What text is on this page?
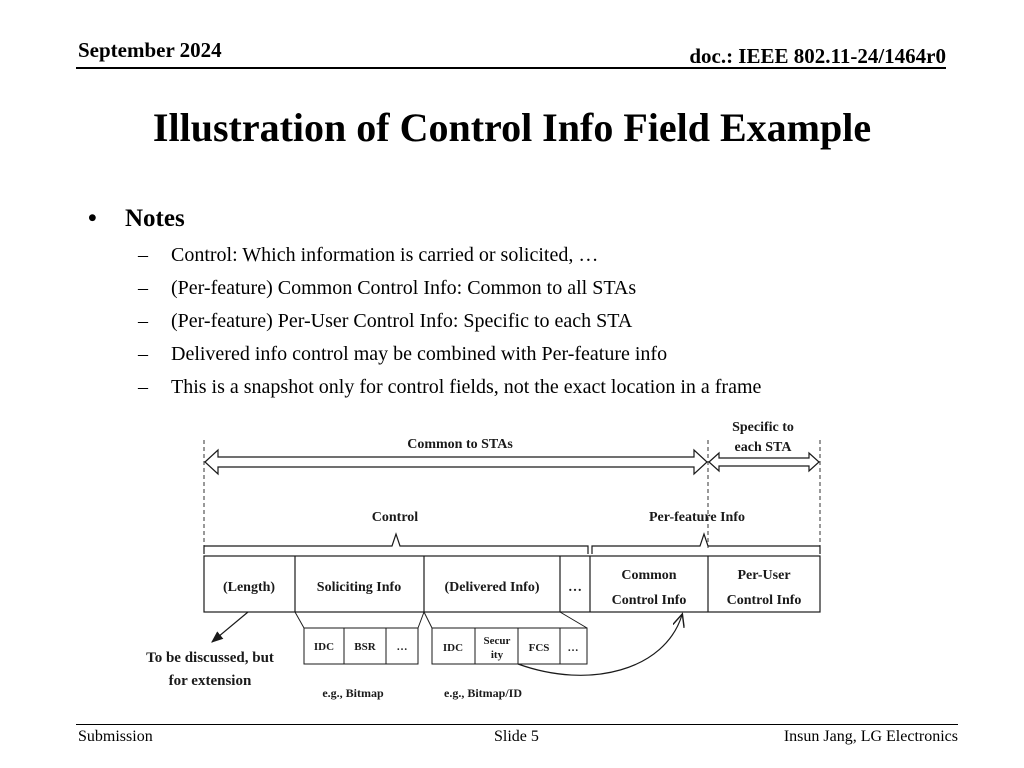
September 2024	doc.: IEEE 802.11-24/1464r0
Illustration of Control Info Field Example
• Notes
– Control: Which information is carried or solicited, …
– (Per-feature) Common Control Info: Common to all STAs
– (Per-feature) Per-User Control Info: Specific to each STA
– Delivered info control may be combined with Per-feature info
– This is a snapshot only for control fields, not the exact location in a frame
Common to STAs
Specific to
each STA
Control	Per-feature Info
(Length)	Soliciting Info	(Delivered Info) …
Common
Control Info
Per-User
Control Info
IDC BSR …	IDC
Secur
ity
FCS …
To be discussed, but
for extension
e.g., Bitmap	e.g., Bitmap/ID
Submission	Slide 5	Insun Jang, LG Electronics
